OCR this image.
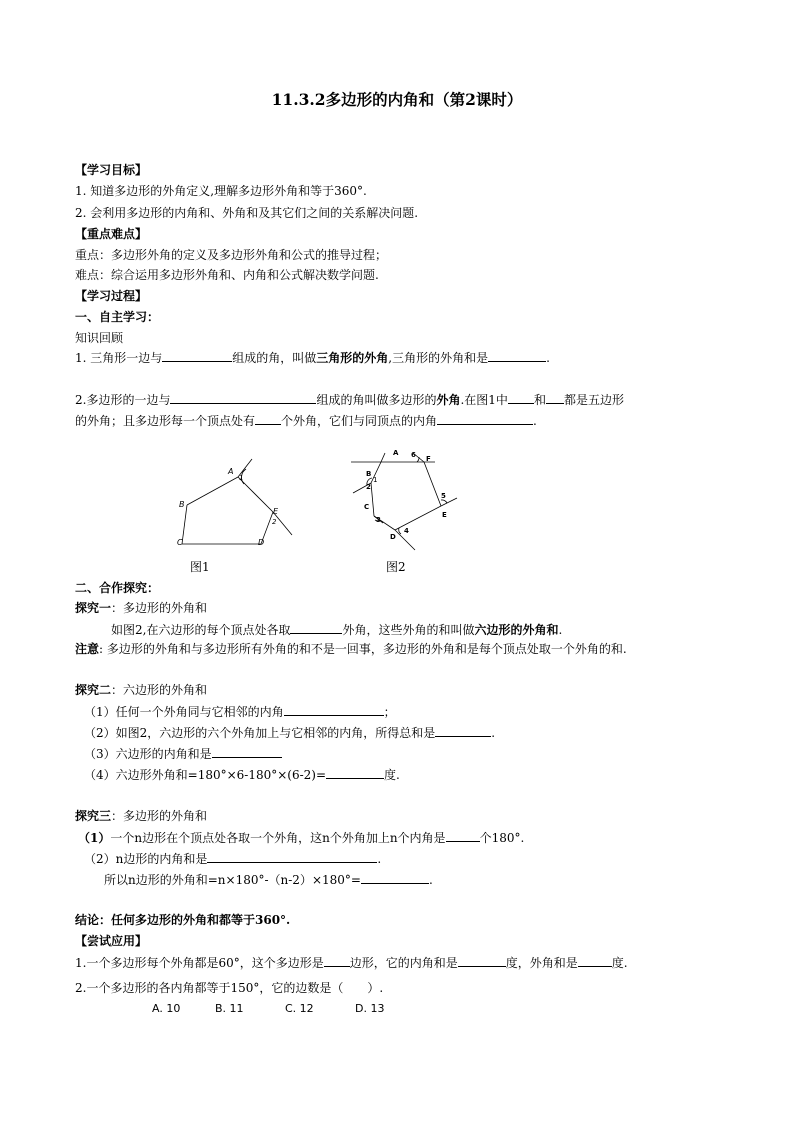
11.3.2多边形的内角和（第2课时）
【学习目标】
1. 知道多边形的外角定义,理解多边形外角和等于360°.
2. 会利用多边形的内角和、外角和及其它们之间的关系解决问题.
【重点难点】
重点：多边形外角的定义及多边形外角和公式的推导过程；
难点：综合运用多边形外角和、内角和公式解决数学问题.
【学习过程】
一、自主学习：
知识回顾
1. 三角形一边与	组成的角，叫做三角形的外角,三角形的外角和是	.
2.多边形的一边与	组成的角叫做多边形的外角.在图1中 和 都是五边形
的外角；且多边形每一个顶点处有 个外角，它们与同顶点的内角	.
A
1
B
C	D
E
2
图1
A 6 F
B
2
1
C
3
D
4
E
5
图2
二、合作探究：
探究一：多边形的外角和
如图2,在六边形的每个顶点处各取	外角，这些外角的和叫做六边形的外角和.
注意: 多边形的外角和与多边形所有外角的和不是一回事，多边形的外角和是每个顶点处取一个外角的和.
探究二：六边形的外角和
（1）任何一个外角同与它相邻的内角	；
（2）如图2，六边形的六个外角加上与它相邻的内角，所得总和是	.
（3）六边形的内角和是
（4）六边形外角和=180°×6-180°×(6-2)=	度.
探究三：多边形的外角和
（1）一个n边形在个顶点处各取一个外角，这n个外角加上n个内角是	个180°.
（2）n边形的内角和是	.
所以n边形的外角和=n×180°-（n-2）×180°=	.
结论：任何多边形的外角和都等于360°.
【尝试应用】
1.一个多边形每个外角都是60°，这个多边形是 边形，它的内角和是	度，外角和是	度.
2.一个多边形的各内角都等于150°，它的边数是（　　）.
A. 10	B. 11	C. 12	D. 13
